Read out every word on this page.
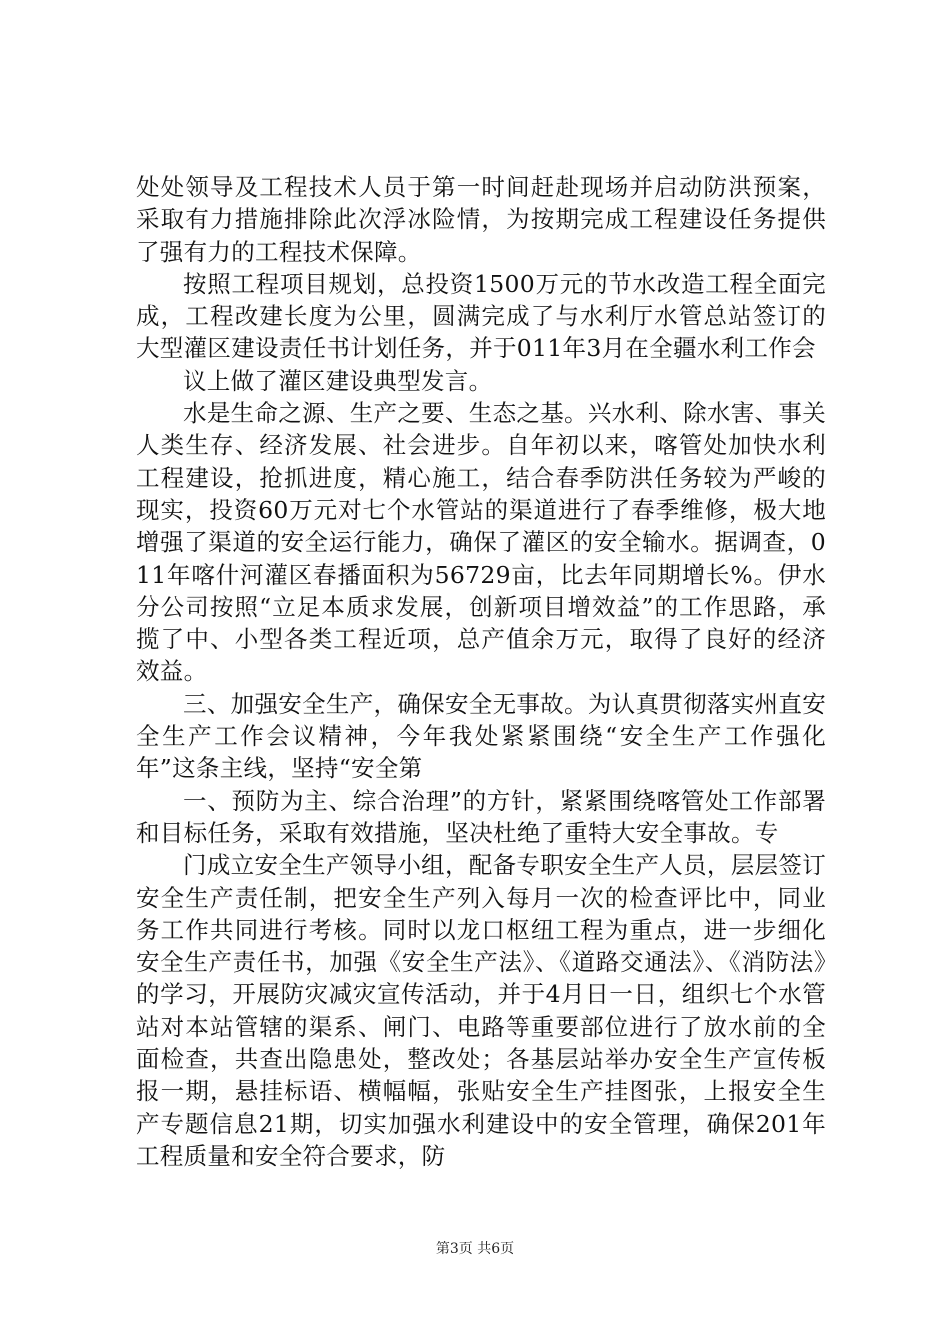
处处领导及工程技术人员于第一时间赶赴现场并启动防洪预案，采取有力措施排除此次浮冰险情，为按期完成工程建设任务提供了强有力的工程技术保障。

按照工程项目规划，总投资1500万元的节水改造工程全面完成，工程改建长度为公里，圆满完成了与水利厅水管总站签订的大型灌区建设责任书计划任务，并于011年3月在全疆水利工作会

议上做了灌区建设典型发言。

水是生命之源、生产之要、生态之基。兴水利、除水害、事关人类生存、经济发展、社会进步。自年初以来，喀管处加快水利工程建设，抢抓进度，精心施工，结合春季防洪任务较为严峻的现实，投资60万元对七个水管站的渠道进行了春季维修，极大地增强了渠道的安全运行能力，确保了灌区的安全输水。据调查，011年喀什河灌区春播面积为56729亩，比去年同期增长%。伊水分公司按照“立足本质求发展，创新项目增效益”的工作思路，承揽了中、小型各类工程近项，总产值余万元，取得了良好的经济效益。

三、加强安全生产，确保安全无事故。为认真贯彻落实州直安全生产工作会议精神，今年我处紧紧围绕“安全生产工作强化年”这条主线，坚持“安全第

一、预防为主、综合治理”的方针，紧紧围绕喀管处工作部署和目标任务，采取有效措施，坚决杜绝了重特大安全事故。专

门成立安全生产领导小组，配备专职安全生产人员，层层签订安全生产责任制，把安全生产列入每月一次的检查评比中，同业务工作共同进行考核。同时以龙口枢纽工程为重点，进一步细化安全生产责任书，加强《安全生产法》、《道路交通法》、《消防法》的学习，开展防灾减灾宣传活动，并于4月日一日，组织七个水管站对本站管辖的渠系、闸门、电路等重要部位进行了放水前的全面检查，共查出隐患处，整改处；各基层站举办安全生产宣传板报一期，悬挂标语、横幅幅，张贴安全生产挂图张，上报安全生产专题信息21期，切实加强水利建设中的安全管理，确保201年工程质量和安全符合要求，防

第3页 共6页
